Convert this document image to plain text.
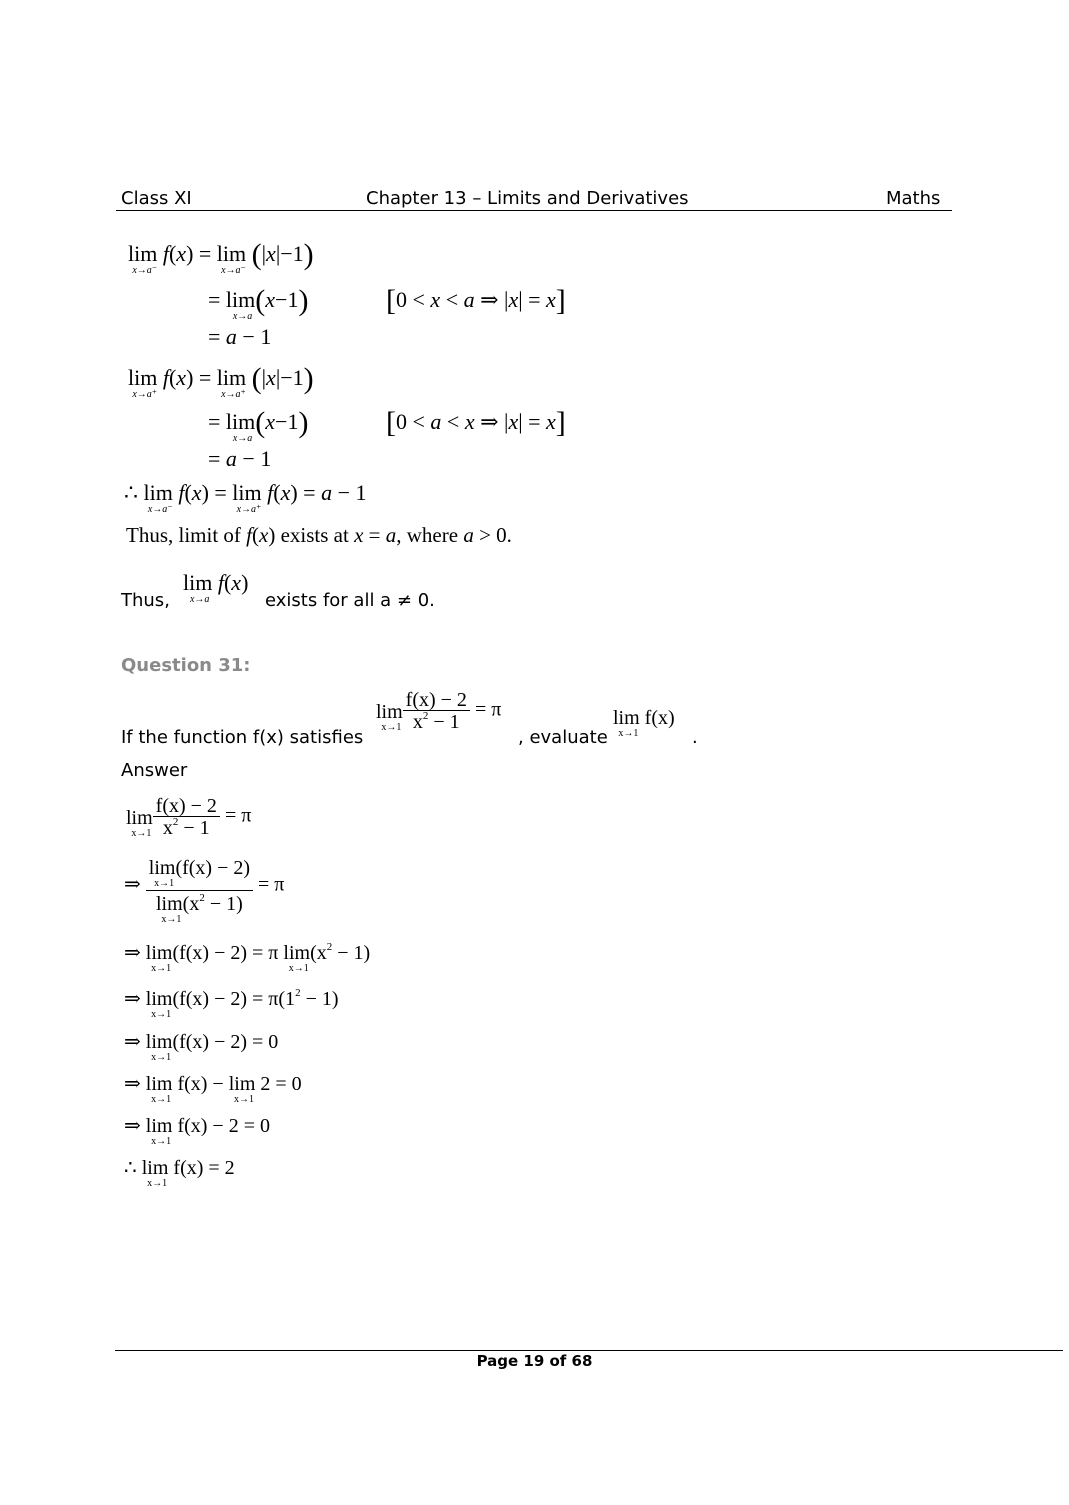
Class XI	Chapter 13 – Limits and Derivatives	Maths
lim
x→a⁻
f(x) = lim
x→a⁻ (|x|−1)
= lim
x→a (x−1)	[0 < x < a ⇒ |x| = x]
= a − 1
lim
x→a⁺
f(x) = lim
x→a⁺ (|x|−1)
= lim
x→a (x−1)	[0 < a < x ⇒ |x| = x]
= a − 1
∴ lim
x→a⁻
f(x) = lim
x→a⁺
f(x) = a − 1
Thus, limit of f(x) exists at x = a, where a > 0.
Thus,
lim
x→a
f(x)
exists for all a ≠ 0.
Question 31:
If the function f(x) satisfies
lim
$x\to 1 \frac{f(x) - 2}{x^2 - 1} = \pi$
, evaluate
lim
x→1
f(x)
.
Answer
lim
$x\to 1 \frac{f(x) - 2}{x^2 - 1} = \pi$
⇒ lim
x→1
(f(x) − 2)
lim
x→1
$(x^2 - 1) = \pi$
⇒ lim
x→1
(f(x) − 2) = π lim
x→1
$(x^2 - 1)$
⇒ lim
x→1
$(f(x) - 2) = \pi(1^2 - 1)$
⇒ lim
x→1
(f(x) − 2) = 0
⇒ lim
x→1
f(x) − lim
x→1
2 = 0
⇒ lim
x→1
f(x) − 2 = 0
∴ lim
x→1
f(x) = 2
Page 19 of 68
